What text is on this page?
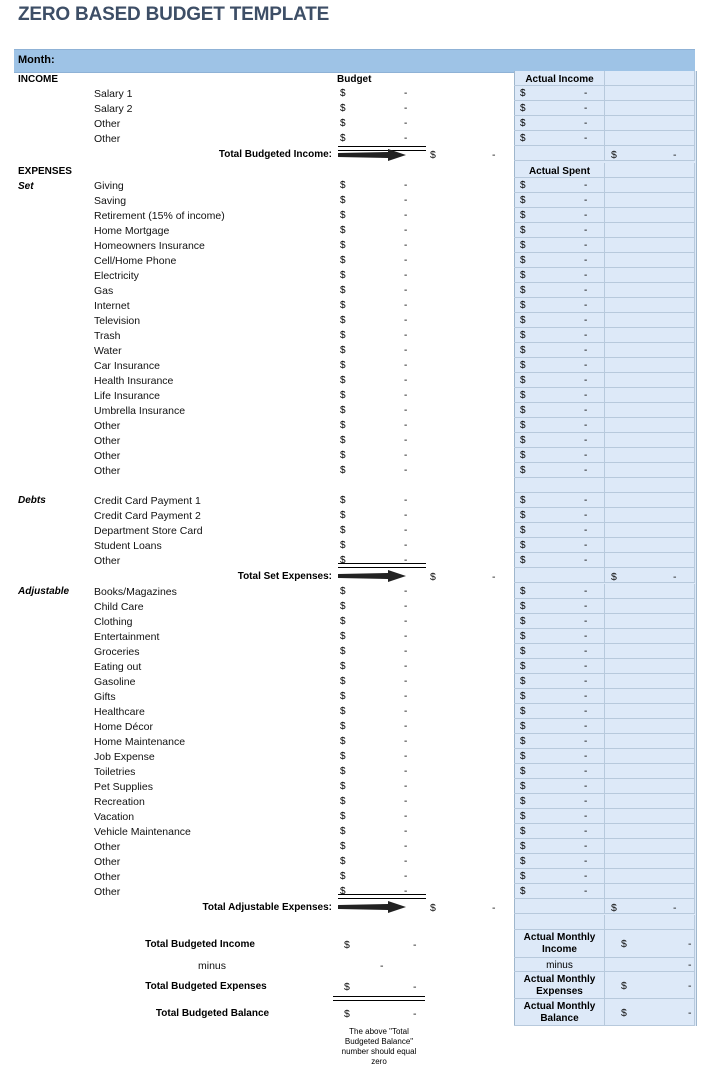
ZERO BASED BUDGET TEMPLATE
Month:
INCOME	Budget	Actual Income
Salary 1	$	-	$	-
Salary 2	$	-	$	-
Other	$	-	$	-
Other	$	-	$	-
Total Budgeted Income:	$	-	$	-
EXPENSES	Actual Spent
Set	Giving	$	-	$	-
Saving	$	-	$	-
Retirement (15% of income)	$	-	$	-
Home Mortgage	$	-	$	-
Homeowners Insurance	$	-	$	-
Cell/Home Phone	$	-	$	-
Electricity	$	-	$	-
Gas	$	-	$	-
Internet	$	-	$	-
Television	$	-	$	-
Trash	$	-	$	-
Water	$	-	$	-
Car Insurance	$	-	$	-
Health Insurance	$	-	$	-
Life Insurance	$	-	$	-
Umbrella Insurance	$	-	$	-
Other	$	-	$	-
Other	$	-	$	-
Other	$	-	$	-
Other	$	-	$	-
Debts	Credit Card Payment 1	$	-	$	-
Credit Card Payment 2	$	-	$	-
Department Store Card	$	-	$	-
Student Loans	$	-	$	-
Other	$	-	$	-
Total Set Expenses:	$	-	$	-
Adjustable Books/Magazines	$	-	$	-
Child Care	$	-	$	-
Clothing	$	-	$	-
Entertainment	$	-	$	-
Groceries	$	-	$	-
Eating out	$	-	$	-
Gasoline	$	-	$	-
Gifts	$	-	$	-
Healthcare	$	-	$	-
Home Décor	$	-	$	-
Home Maintenance	$	-	$	-
Job Expense	$	-	$	-
Toiletries	$	-	$	-
Pet Supplies	$	-	$	-
Recreation	$	-	$	-
Vacation	$	-	$	-
Vehicle Maintenance	$	-	$	-
Other	$	-	$	-
Other	$	-	$	-
Other	$	-	$	-
Other	$	-	$	-
Total Adjustable Expenses:	$	-	$	-
Total Budgeted Income	$	-
minus	-
Total Budgeted Expenses	$	-
Total Budgeted Balance	$	-
The above "Total Budgeted Balance" number should equal zero
Actual Monthly Income	$	-
minus	-
Actual Monthly Expenses	$	-
Actual Monthly Balance	$	-
